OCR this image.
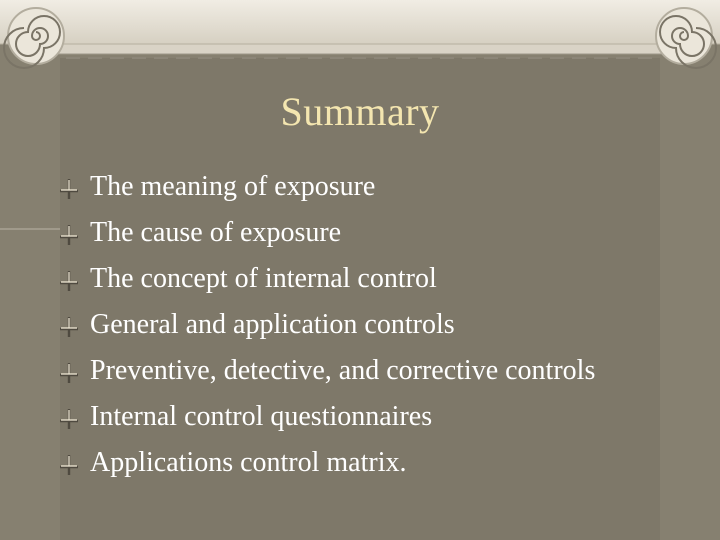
Summary
The meaning of exposure
The cause of exposure
The concept of internal control
General and application controls
Preventive, detective, and corrective controls
Internal control questionnaires
Applications control matrix.
